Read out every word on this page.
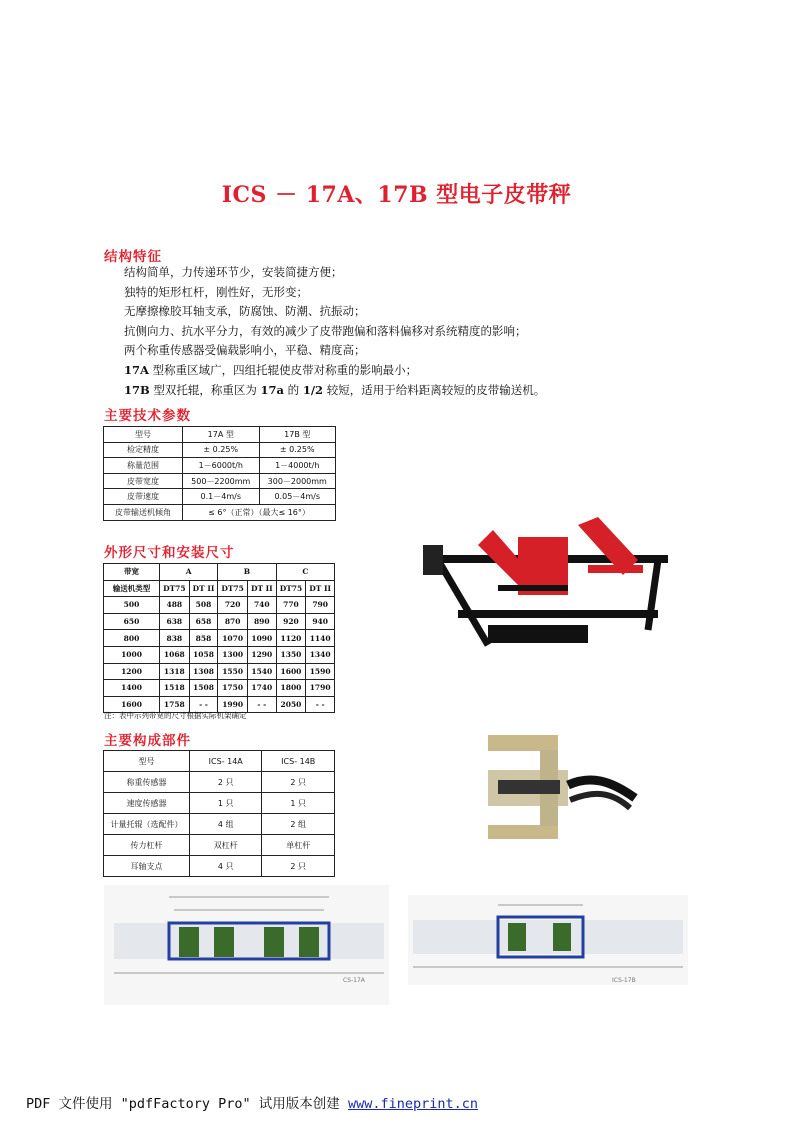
ICS － 17A、17B 型电子皮带秤
结构特征
结构简单，力传递环节少，安装简捷方便；
独特的矩形杠杆，刚性好，无形变；
无摩擦橡胶耳轴支承，防腐蚀、防潮、抗振动；
抗侧向力、抗水平分力，有效的减少了皮带跑偏和落料偏移对系统精度的影响；
两个称重传感器受偏载影响小，平稳、精度高；
17A 型称重区域广，四组托辊使皮带对称重的影响最小；
17B 型双托辊，称重区为 17a 的 1/2 较短，适用于给料距离较短的皮带输送机。
主要技术参数
型号	17A 型	17B 型
检定精度	± 0.25%	± 0.25%
称量范围	1－6000t/h	1－4000t/h
皮带宽度	500－2200mm	300－2000mm
皮带速度	0.1－4m/s	0.05－4m/s
皮带输送机倾角	≤ 6°（正常）（最大≤ 16°）	
外形尺寸和安装尺寸
带宽	A		B		C	
输送机类型	DT75	DT II	DT75	DT II	DT75	DT II
500	488	508	720	740	770	790
650	638	658	870	890	920	940
800	838	858	1070	1090	1120	1140
1000	1068	1058	1300	1290	1350	1340
1200	1318	1308	1550	1540	1600	1590
1400	1518	1508	1750	1740	1800	1790
1600	1758	- -	1990	- -	2050	- -
注：表中示列带宽的尺寸根据实际机架确定
主要构成部件
型号	ICS- 14A	ICS- 14B
称重传感器	2 只	2 只
速度传感器	1 只	1 只
计量托辊（选配件）	4 组	2 组
传力杠杆	双杠杆	单杠杆
耳轴支点	4 只	2 只
CS-17A	ICS-17B
PDF 文件使用 "pdfFactory Pro" 试用版本创建 www.fineprint.cn
